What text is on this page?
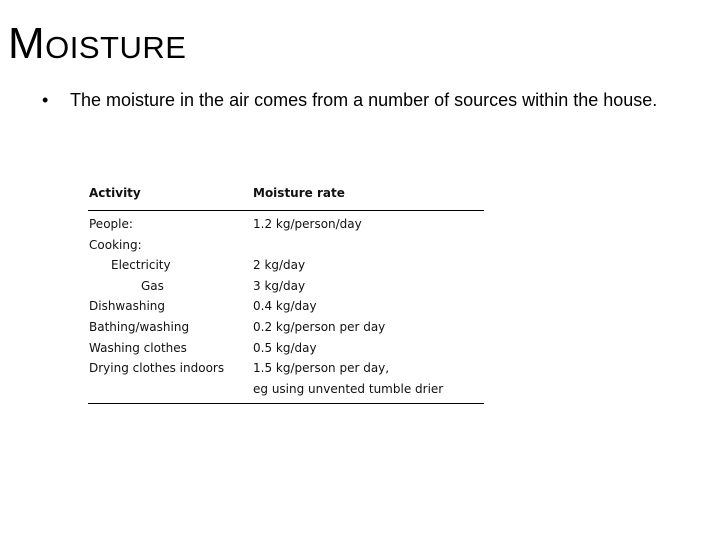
MOISTURE
•	The moisture in the air comes from a number of sources within the house.
Activity	Moisture rate
People:	1.2 kg/person/day
Cooking:
Electricity	2 kg/day
Gas	3 kg/day
Dishwashing	0.4 kg/day
Bathing/washing	0.2 kg/person per day
Washing clothes	0.5 kg/day
Drying clothes indoors 1.5 kg/person per day,
eg using unvented tumble drier
